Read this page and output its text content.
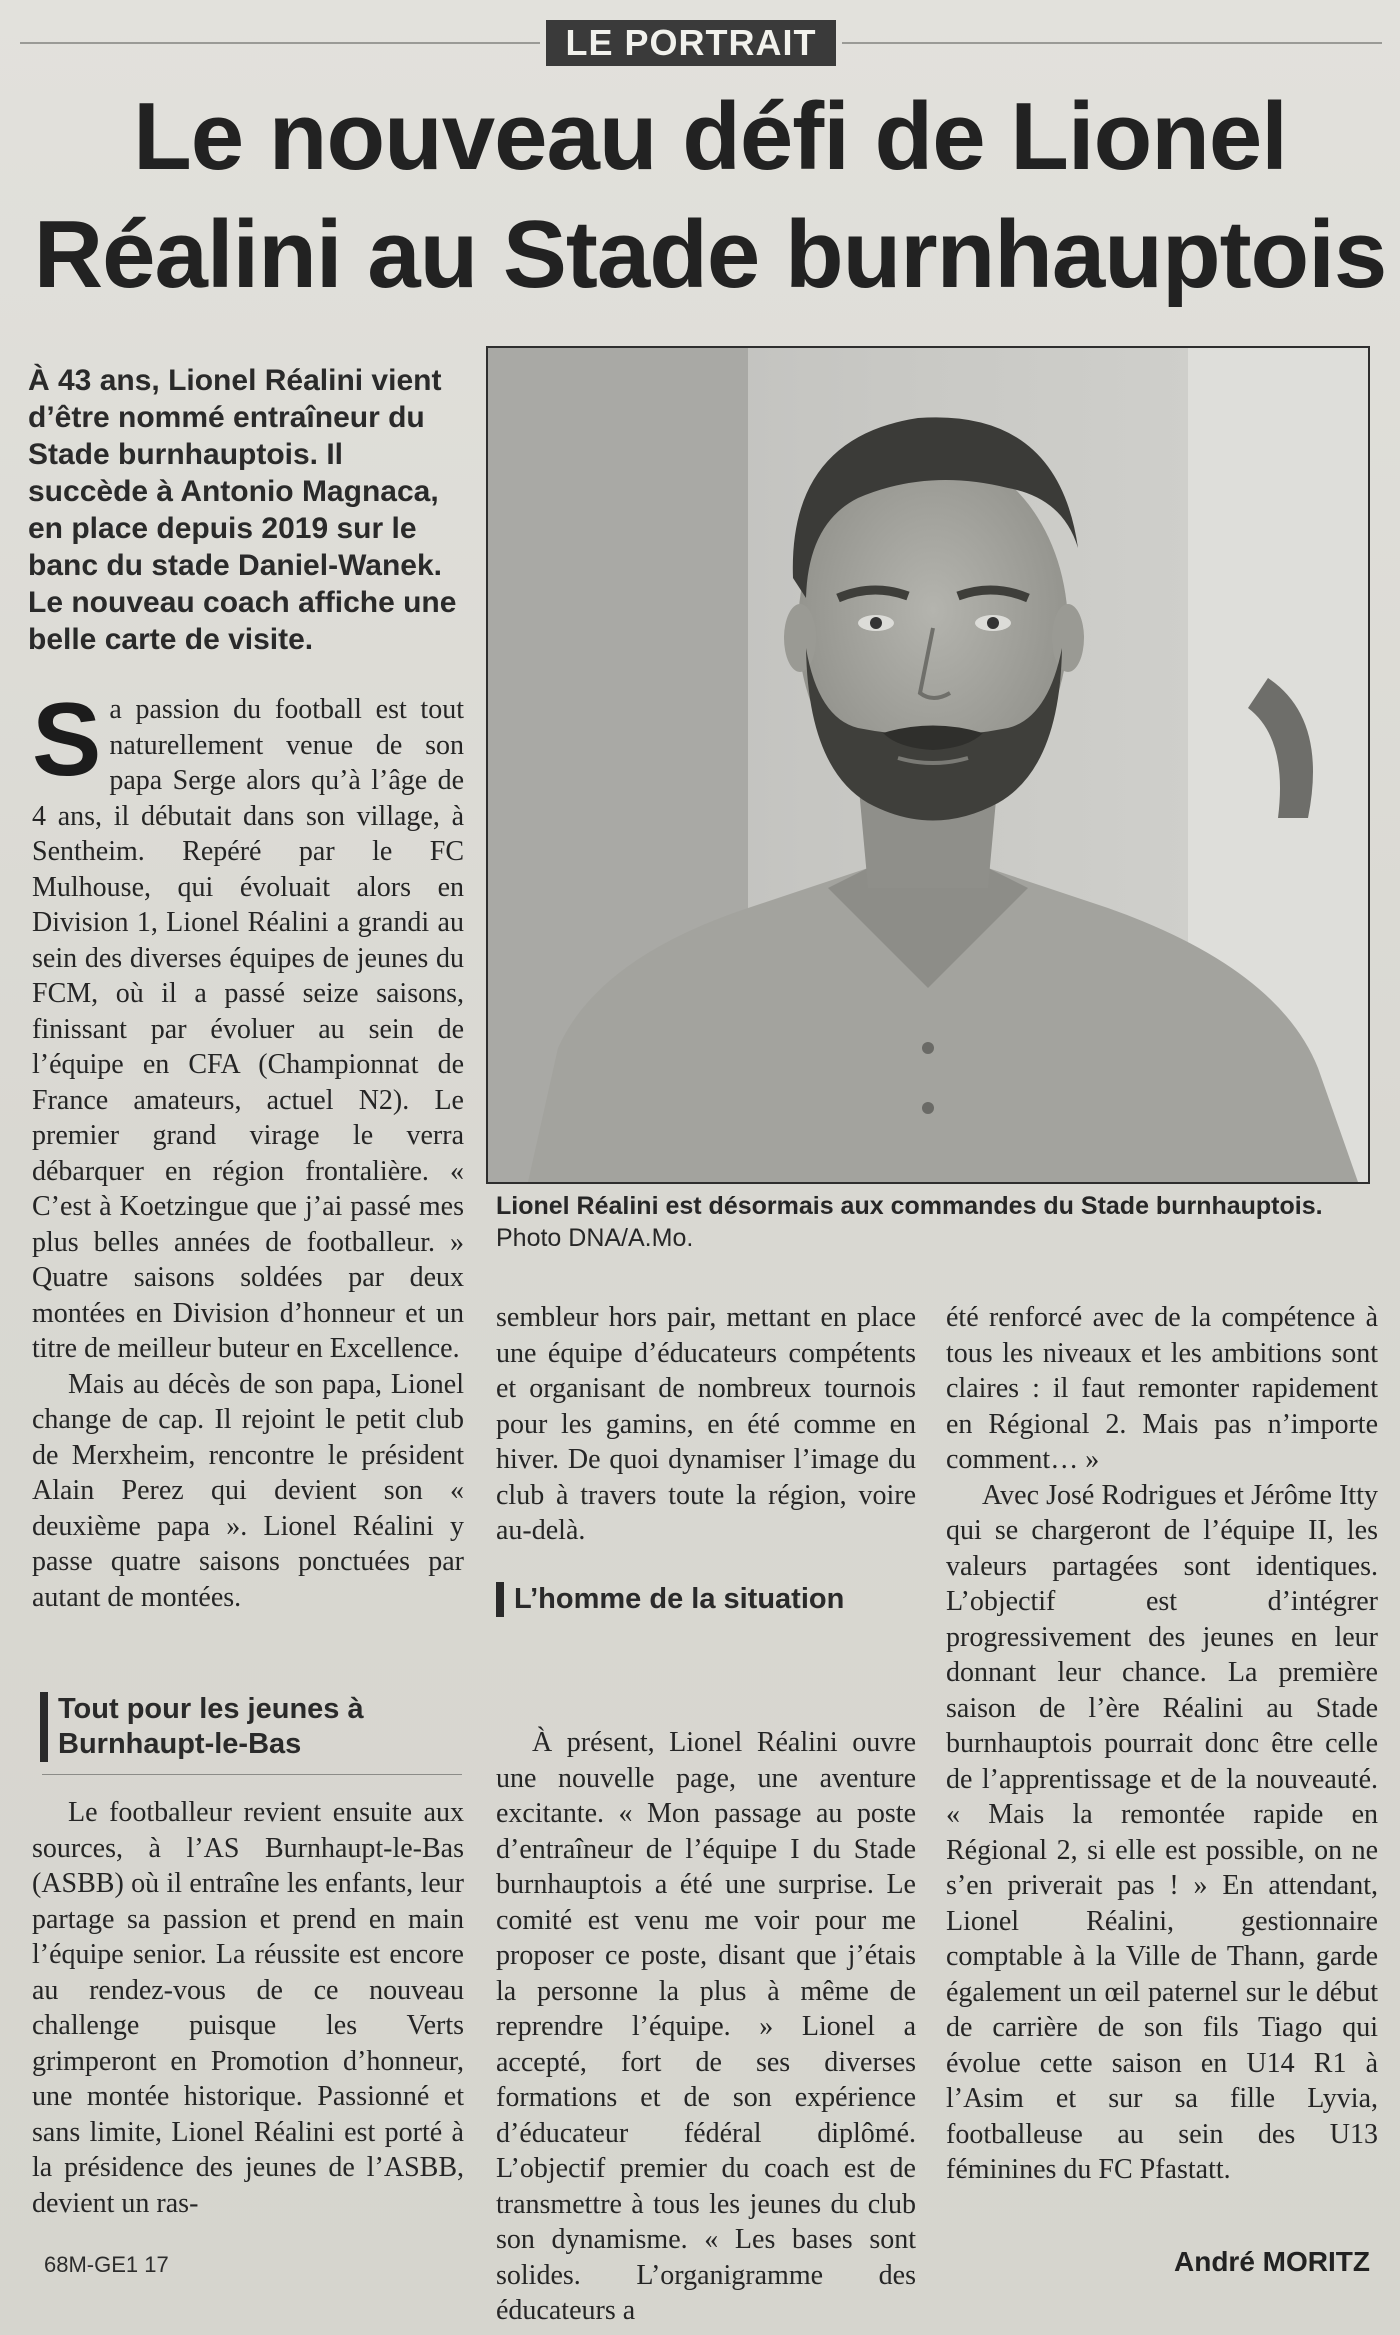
LE PORTRAIT
Le nouveau défi de Lionel Réalini au Stade burnhauptois

À 43 ans, Lionel Réalini vient d’être nommé entraîneur du Stade burnhauptois. Il succède à Antonio Magnaca, en place depuis 2019 sur le banc du stade Daniel-Wanek. Le nouveau coach affiche une belle carte de visite.

Lionel Réalini est désormais aux commandes du Stade burnhauptois.
Photo DNA/A.Mo.

Sa passion du football est tout naturellement venue de son papa Serge alors qu’à l’âge de 4 ans, il débutait dans son village, à Sentheim. Repéré par le FC Mulhouse, qui évoluait alors en Division 1, Lionel Réalini a grandi au sein des diverses équipes de jeunes du FCM, où il a passé seize saisons, finissant par évoluer au sein de l’équipe en CFA (Championnat de France amateurs, actuel N2). Le premier grand virage le verra débarquer en région frontalière. « C’est à Koetzingue que j’ai passé mes plus belles années de footballeur. » Quatre saisons soldées par deux montées en Division d’honneur et un titre de meilleur buteur en Excellence.

Mais au décès de son papa, Lionel change de cap. Il rejoint le petit club de Merxheim, rencontre le président Alain Perez qui devient son « deuxième papa ». Lionel Réalini y passe quatre saisons ponctuées par autant de montées.

Tout pour les jeunes à Burnhaupt-le-Bas

Le footballeur revient ensuite aux sources, à l’AS Burnhaupt-le-Bas (ASBB) où il entraîne les enfants, leur partage sa passion et prend en main l’équipe senior. La réussite est encore au rendez-vous de ce nouveau challenge puisque les Verts grimperont en Promotion d’honneur, une montée historique. Passionné et sans limite, Lionel Réalini est porté à la présidence des jeunes de l’ASBB, devient un ras-

sembleur hors pair, mettant en place une équipe d’éducateurs compétents et organisant de nombreux tournois pour les gamins, en été comme en hiver. De quoi dynamiser l’image du club à travers toute la région, voire au-delà.

L’homme de la situation

À présent, Lionel Réalini ouvre une nouvelle page, une aventure excitante. « Mon passage au poste d’entraîneur de l’équipe I du Stade burnhauptois a été une surprise. Le comité est venu me voir pour me proposer ce poste, disant que j’étais la personne la plus à même de reprendre l’équipe. » Lionel a accepté, fort de ses diverses formations et de son expérience d’éducateur fédéral diplômé. L’objectif premier du coach est de transmettre à tous les jeunes du club son dynamisme. « Les bases sont solides. L’organigramme des éducateurs a

été renforcé avec de la compétence à tous les niveaux et les ambitions sont claires : il faut remonter rapidement en Régional 2. Mais pas n’importe comment… »

Avec José Rodrigues et Jérôme Itty qui se chargeront de l’équipe II, les valeurs partagées sont identiques. L’objectif est d’intégrer progressivement des jeunes en leur donnant leur chance. La première saison de l’ère Réalini au Stade burnhauptois pourrait donc être celle de l’apprentissage et de la nouveauté. « Mais la remontée rapide en Régional 2, si elle est possible, on ne s’en priverait pas ! » En attendant, Lionel Réalini, gestionnaire comptable à la Ville de Thann, garde également un œil paternel sur le début de carrière de son fils Tiago qui évolue cette saison en U14 R1 à l’Asim et sur sa fille Lyvia, footballeuse au sein des U13 féminines du FC Pfastatt.

68M-GE1 17	André MORITZ
